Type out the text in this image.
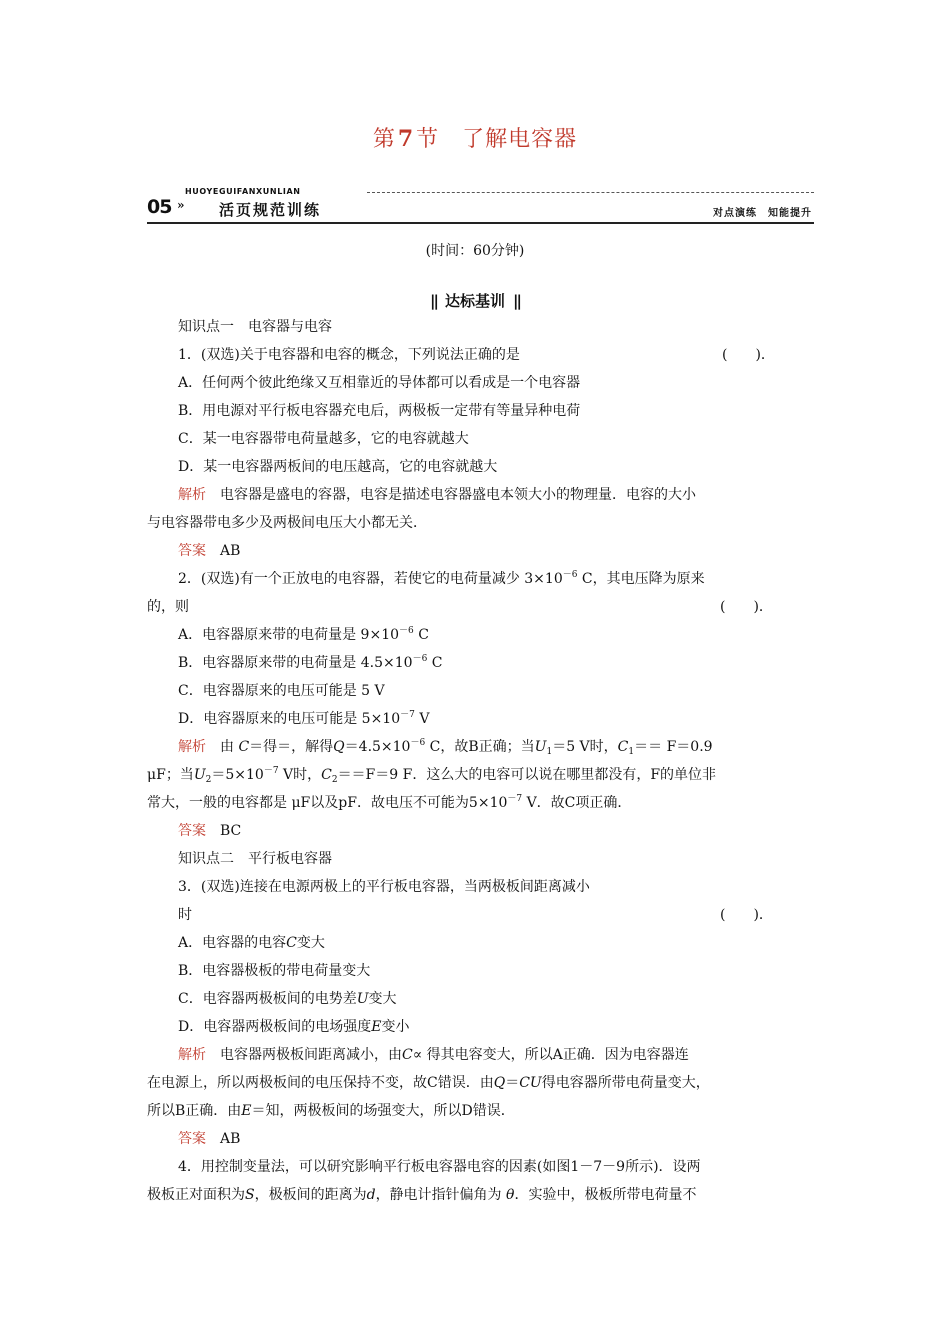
第7节　 了解电容器
HUOYEGUIFANXUNLIAN
05 » 活页规范训练	对点演练　知能提升
(时间：60分钟)
|| 达标基训 ||
知识点一　电容器与电容
1．(双选)关于电容器和电容的概念，下列说法正确的是	(　　)．
A．任何两个彼此绝缘又互相靠近的导体都可以看成是一个电容器
B．用电源对平行板电容器充电后，两极板一定带有等量异种电荷
C．某一电容器带电荷量越多，它的电容就越大
D．某一电容器两板间的电压越高，它的电容就越大
解析　 电容器是盛电的容器，电容是描述电容器盛电本领大小的物理量．电容的大小
与电容器带电多少及两极间电压大小都无关．
答案　 AB
2．(双选)有一个正放电的电容器，若使它的电荷量减少 $3\times 10^{-6}$ C，其电压降为原来
的，则	(　　)．
A．电容器原来带的电荷量是 $9\times 10^{-6}$ C
B．电容器原来带的电荷量是 $4.5\times 10^{-6}$ C
C．电容器原来的电压可能是 5 V
D．电容器原来的电压可能是 $5\times 10^{-7}$ V
解析　 由 C＝得＝，解得$Q=4.5\times 10^{-6}$ C，故B正确；当$U_1=5$ V时，$C_1== F=0.9$
μF；当$U_2=5\times 10^{-7}$ V时，$C_2==F=9$ F．这么大的电容可以说在哪里都没有，F的单位非
常大，一般的电容都是 μF以及pF．故电压不可能为$5\times 10^{-7}$ V．故C项正确．
答案　 BC
知识点二　平行板电容器
3．(双选)连接在电源两极上的平行板电容器，当两极板间距离减小
时	(　　)．
A．电容器的电容C变大
B．电容器极板的带电荷量变大
C．电容器两极板间的电势差U变大
D．电容器两极板间的电场强度E变小
解析　 电容器两极板间距离减小，由C∝ 得其电容变大，所以A正确．因为电容器连
在电源上，所以两极板间的电压保持不变，故C错误．由Q＝CU得电容器所带电荷量变大，
所以B正确．由E＝知，两极板间的场强变大，所以D错误．
答案　 AB
4．用控制变量法，可以研究影响平行板电容器电容的因素(如图1－7－9所示)．设两
极板正对面积为S，极板间的距离为d，静电计指针偏角为 θ．实验中，极板所带电荷量不
